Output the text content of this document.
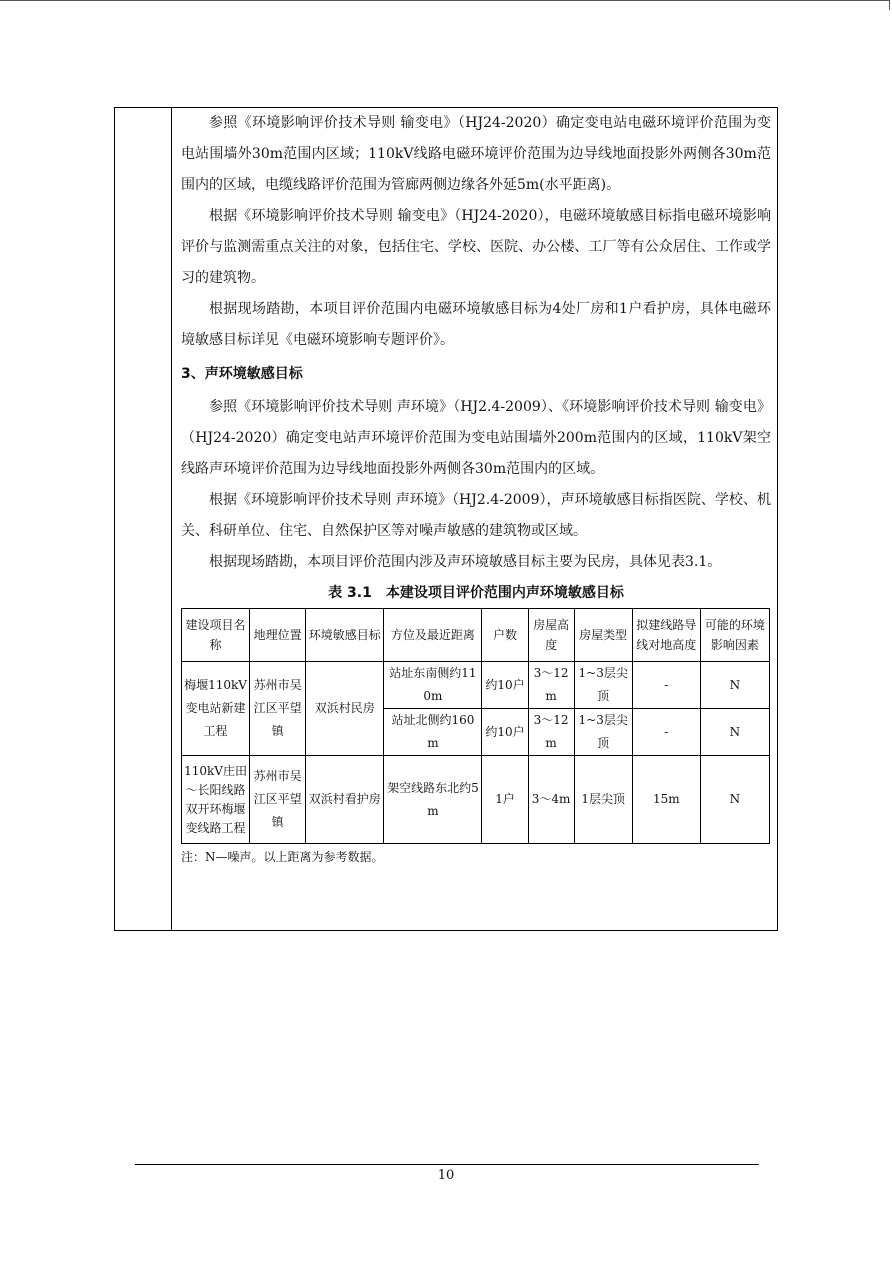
参照《环境影响评价技术导则 输变电》（HJ24-2020）确定变电站电磁环境评价范围为变电站围墙外30m范围内区域；110kV线路电磁环境评价范围为边导线地面投影外两侧各30m范围内的区域，电缆线路评价范围为管廊两侧边缘各外延5m(水平距离)。

根据《环境影响评价技术导则 输变电》（HJ24-2020），电磁环境敏感目标指电磁环境影响评价与监测需重点关注的对象，包括住宅、学校、医院、办公楼、工厂等有公众居住、工作或学习的建筑物。

根据现场踏勘，本项目评价范围内电磁环境敏感目标为4处厂房和1户看护房，具体电磁环境敏感目标详见《电磁环境影响专题评价》。

3、声环境敏感目标

参照《环境影响评价技术导则 声环境》（HJ2.4-2009）、《环境影响评价技术导则 输变电》（HJ24-2020）确定变电站声环境评价范围为变电站围墙外200m范围内的区域，110kV架空线路声环境评价范围为边导线地面投影外两侧各30m范围内的区域。

根据《环境影响评价技术导则 声环境》（HJ2.4-2009），声环境敏感目标指医院、学校、机关、科研单位、住宅、自然保护区等对噪声敏感的建筑物或区域。

根据现场踏勘，本项目评价范围内涉及声环境敏感目标主要为民房，具体见表3.1。

表 3.1　本建设项目评价范围内声环境敏感目标

建设项目名称	地理位置	环境敏感目标	方位及最近距离	户数	房屋高度	房屋类型	拟建线路导线对地高度	可能的环境影响因素
梅堰110kV变电站新建工程	苏州市吴江区平望镇	双浜村民房	站址东南侧约110m	约10户	3～12m	1~3层尖顶	-	N
			站址北侧约160m	约10户	3～12m	1~3层尖顶	-	N
110kV庄田～长阳线路双开环梅堰变线路工程	苏州市吴江区平望镇	双浜村看护房	架空线路东北约5m	1户	3～4m	1层尖顶	15m	N

注：N—噪声。以上距离为参考数据。

10
